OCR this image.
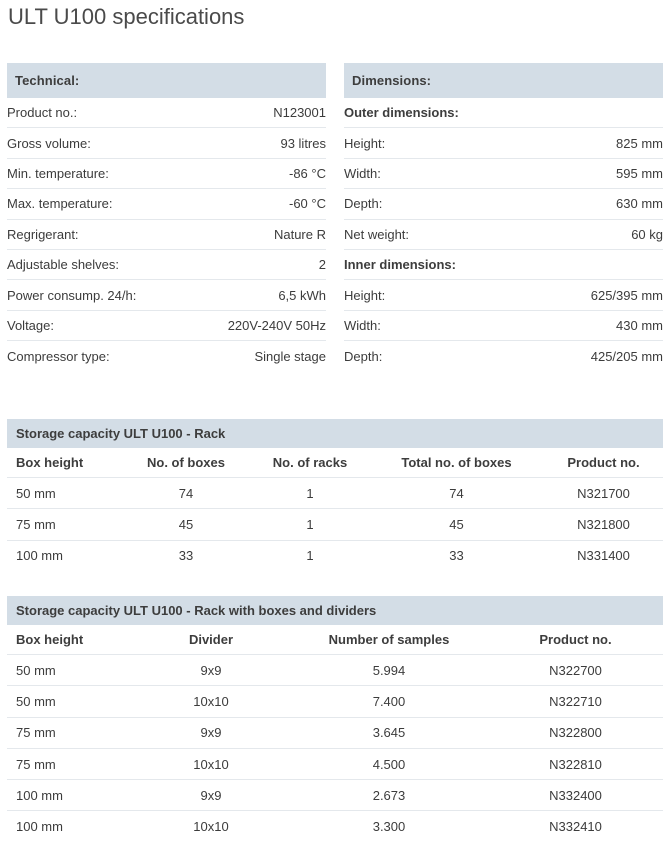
ULT U100 specifications
Technical:
Product no.:	N123001
Gross volume:	93 litres
Min. temperature:	-86 °C
Max. temperature:	-60 °C
Regrigerant:	Nature R
Adjustable shelves:	2
Power consump. 24/h:	6,5 kWh
Voltage:	220V-240V 50Hz
Compressor type:	Single stage
Dimensions:
Outer dimensions:
Height:	825 mm
Width:	595 mm
Depth:	630 mm
Net weight:	60 kg
Inner dimensions:
Height:	625/395 mm
Width:	430 mm
Depth:	425/205 mm
Storage capacity ULT U100 - Rack
Box height	No. of boxes	No. of racks	Total no. of boxes	Product no.
50 mm	74	1	74	N321700
75 mm	45	1	45	N321800
100 mm	33	1	33	N331400
Storage capacity ULT U100 - Rack with boxes and dividers
Box height	Divider	Number of samples	Product no.
50 mm	9x9	5.994	N322700
50 mm	10x10	7.400	N322710
75 mm	9x9	3.645	N322800
75 mm	10x10	4.500	N322810
100 mm	9x9	2.673	N332400
100 mm	10x10	3.300	N332410
